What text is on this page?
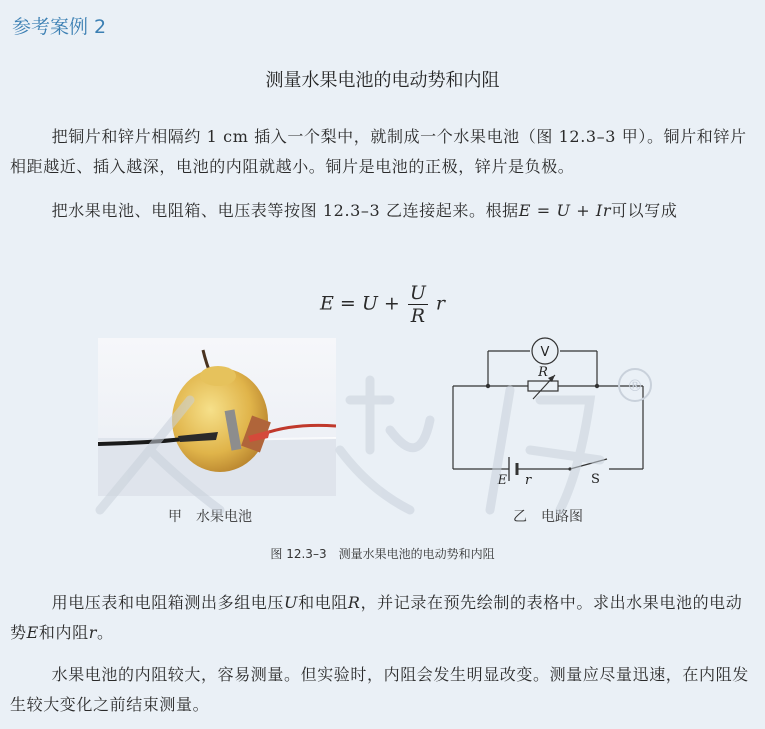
参考案例 2
测量水果电池的电动势和内阻

把铜片和锌片相隔约 1 cm 插入一个梨中，就制成一个水果电池（图 12.3–3 甲）。铜片和锌片相距越近、插入越深，电池的内阻就越小。铜片是电池的正极，锌片是负极。

把水果电池、电阻箱、电压表等按图 12.3–3 乙连接起来。根据E = U + Ir可以写成

$E = U + \frac{U}{R}$ r
甲　水果电池
V
R
E r	S
乙　电路图
®
图 12.3–3　测量水果电池的电动势和内阻

用电压表和电阻箱测出多组电压U和电阻R，并记录在预先绘制的表格中。求出水果电池的电动势E和内阻r。

水果电池的内阻较大，容易测量。但实验时，内阻会发生明显改变。测量应尽量迅速，在内阻发生较大变化之前结束测量。
